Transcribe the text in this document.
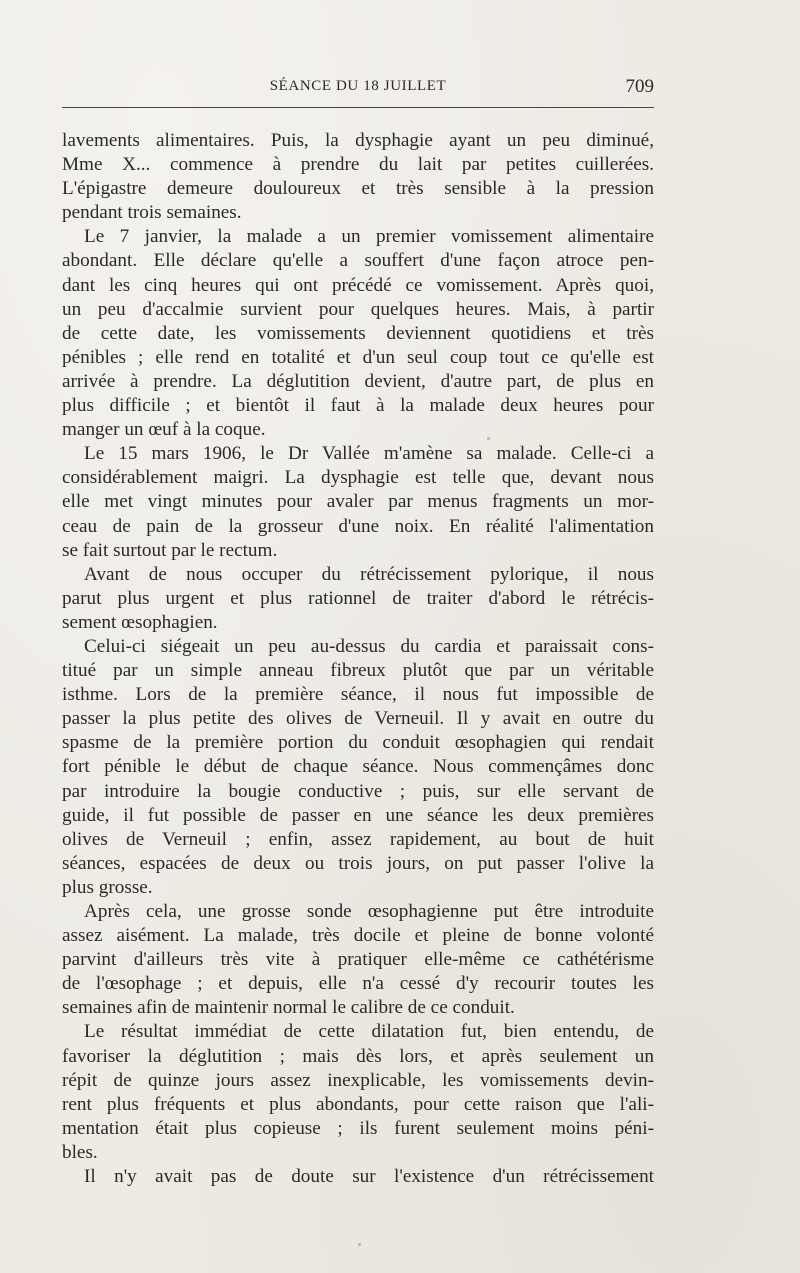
SÉANCE DU 18 JUILLET	709
lavements alimentaires. Puis, la dysphagie ayant un peu diminué,
Mme X... commence à prendre du lait par petites cuillerées.
L'épigastre demeure douloureux et très sensible à la pression
pendant trois semaines.
Le 7 janvier, la malade a un premier vomissement alimentaire
abondant. Elle déclare qu'elle a souffert d'une façon atroce pen-
dant les cinq heures qui ont précédé ce vomissement. Après quoi,
un peu d'accalmie survient pour quelques heures. Mais, à partir
de cette date, les vomissements deviennent quotidiens et très
pénibles ; elle rend en totalité et d'un seul coup tout ce qu'elle est
arrivée à prendre. La déglutition devient, d'autre part, de plus en
plus difficile ; et bientôt il faut à la malade deux heures pour
manger un œuf à la coque.
Le 15 mars 1906, le Dr Vallée m'amène sa malade. Celle-ci a
considérablement maigri. La dysphagie est telle que, devant nous
elle met vingt minutes pour avaler par menus fragments un mor-
ceau de pain de la grosseur d'une noix. En réalité l'alimentation
se fait surtout par le rectum.
Avant de nous occuper du rétrécissement pylorique, il nous
parut plus urgent et plus rationnel de traiter d'abord le rétrécis-
sement œsophagien.
Celui-ci siégeait un peu au-dessus du cardia et paraissait cons-
titué par un simple anneau fibreux plutôt que par un véritable
isthme. Lors de la première séance, il nous fut impossible de
passer la plus petite des olives de Verneuil. Il y avait en outre du
spasme de la première portion du conduit œsophagien qui rendait
fort pénible le début de chaque séance. Nous commençâmes donc
par introduire la bougie conductive ; puis, sur elle servant de
guide, il fut possible de passer en une séance les deux premières
olives de Verneuil ; enfin, assez rapidement, au bout de huit
séances, espacées de deux ou trois jours, on put passer l'olive la
plus grosse.
Après cela, une grosse sonde œsophagienne put être introduite
assez aisément. La malade, très docile et pleine de bonne volonté
parvint d'ailleurs très vite à pratiquer elle-même ce cathétérisme
de l'œsophage ; et depuis, elle n'a cessé d'y recourir toutes les
semaines afin de maintenir normal le calibre de ce conduit.
Le résultat immédiat de cette dilatation fut, bien entendu, de
favoriser la déglutition ; mais dès lors, et après seulement un
répit de quinze jours assez inexplicable, les vomissements devin-
rent plus fréquents et plus abondants, pour cette raison que l'ali-
mentation était plus copieuse ; ils furent seulement moins péni-
bles.
Il n'y avait pas de doute sur l'existence d'un rétrécissement
